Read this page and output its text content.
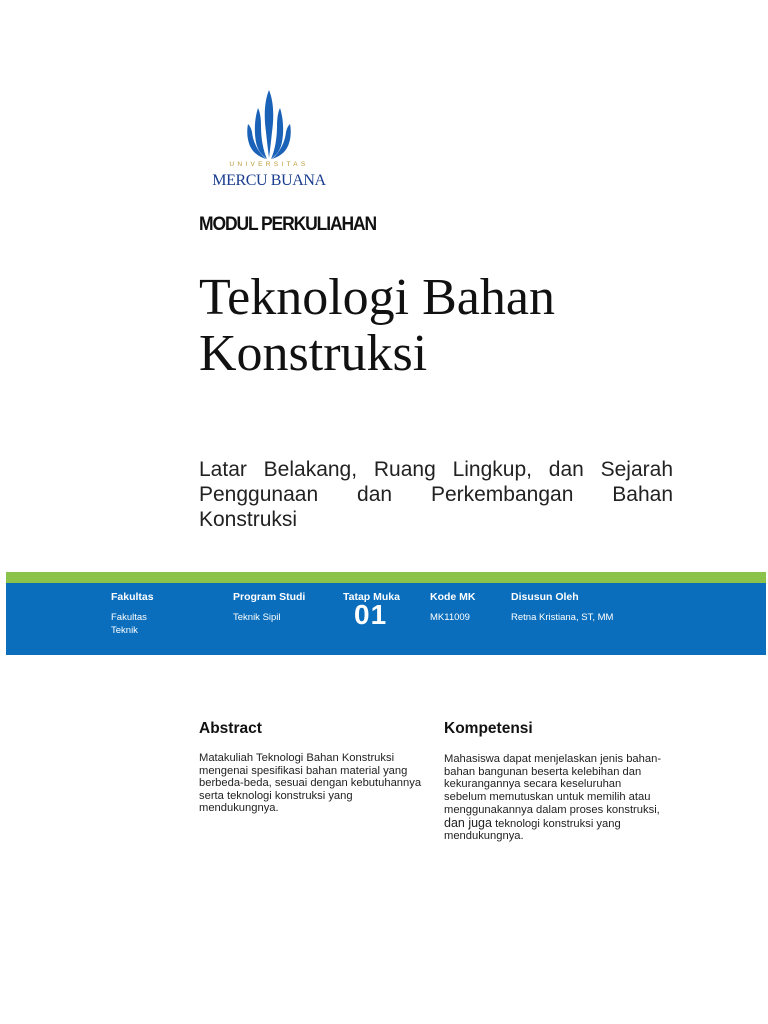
UNIVERSITAS
MERCU BUANA
MODUL PERKULIAHAN
Teknologi Bahan
Konstruksi
Latar Belakang, Ruang Lingkup, dan Sejarah Penggunaan dan Perkembangan Bahan Konstruksi
Fakultas
Fakultas
Teknik
Program Studi
Teknik Sipil
Tatap Muka
01
Kode MK
MK11009
Disusun Oleh
Retna Kristiana, ST, MM
Abstract
Matakuliah Teknologi Bahan Konstruksi mengenai spesifikasi bahan material yang berbeda-beda, sesuai dengan kebutuhannya serta teknologi konstruksi yang mendukungnya.
Kompetensi
Mahasiswa dapat menjelaskan jenis bahan-bahan bangunan beserta kelebihan dan kekurangannya secara keseluruhan sebelum memutuskan untuk memilih atau menggunakannya dalam proses konstruksi, dan juga teknologi konstruksi yang mendukungnya.
